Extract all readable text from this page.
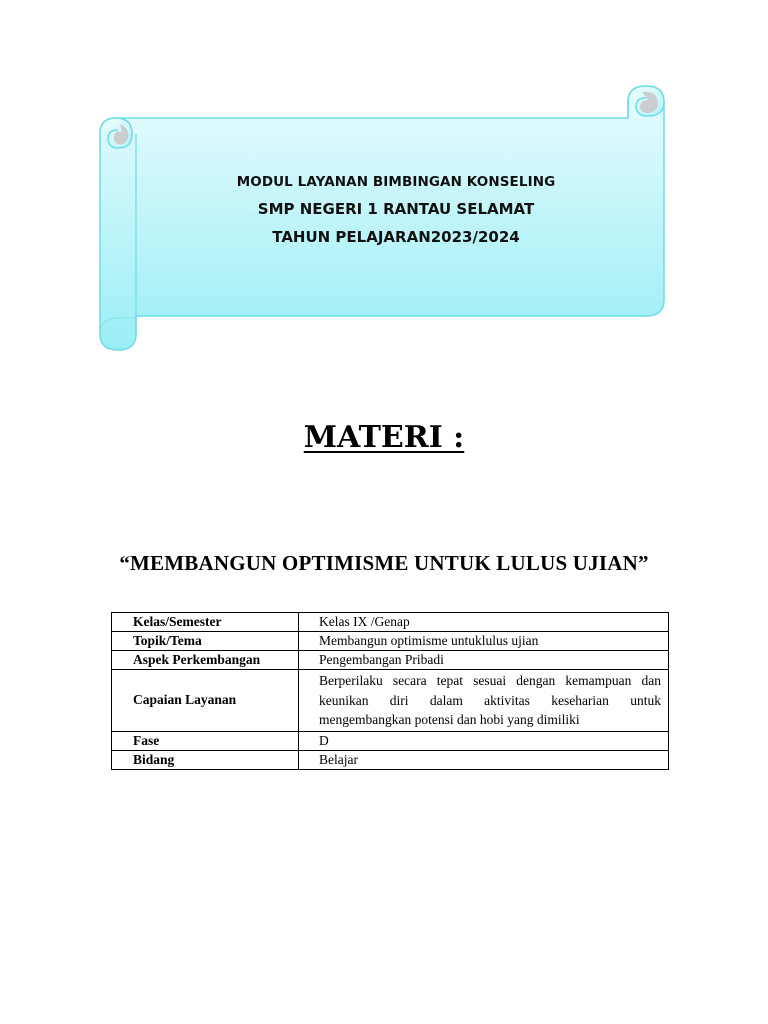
MODUL LAYANAN BIMBINGAN KONSELING
SMP NEGERI 1 RANTAU SELAMAT
TAHUN PELAJARAN2023/2024
MATERI :
“MEMBANGUN OPTIMISME UNTUK LULUS UJIAN”
Kelas/Semester	Kelas IX /Genap
Topik/Tema	Membangun optimisme untuklulus ujian
Aspek Perkembangan	Pengembangan Pribadi
Capaian Layanan	Berperilaku secara tepat sesuai dengan kemampuan dan keunikan diri dalam aktivitas keseharian untuk mengembangkan potensi dan hobi yang dimiliki
Fase	D
Bidang	Belajar
